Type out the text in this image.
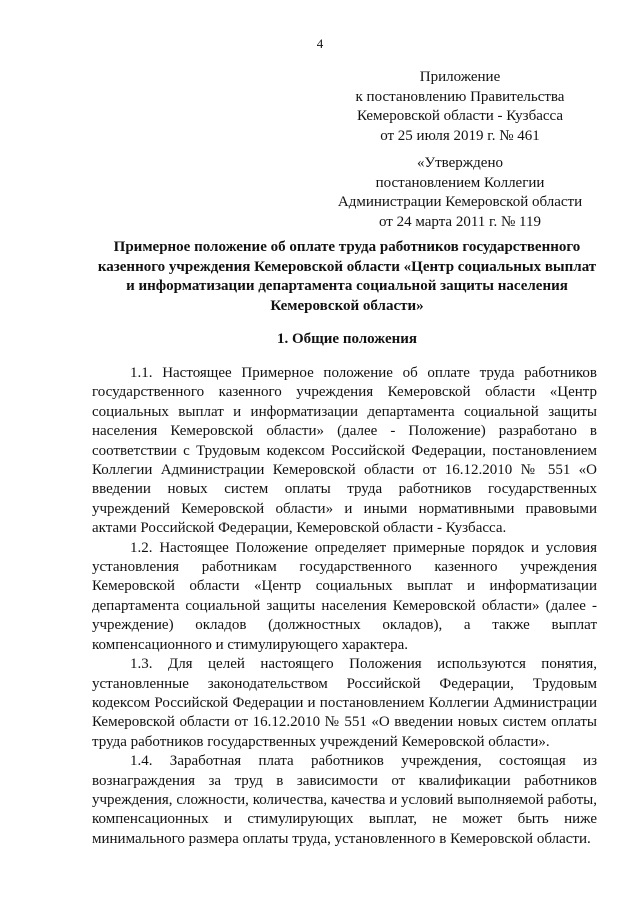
4
Приложение
к постановлению Правительства
Кемеровской области - Кузбасса
от 25 июля 2019 г. № 461
«Утверждено
постановлением Коллегии
Администрации Кемеровской области
от 24 марта 2011 г. № 119
Примерное положение об оплате труда работников государственного
казенного учреждения Кемеровской области «Центр социальных выплат
и информатизации департамента социальной защиты населения
Кемеровской области»
1. Общие положения

1.1. Настоящее Примерное положение об оплате труда работников государственного казенного учреждения Кемеровской области «Центр социальных выплат и информатизации департамента социальной защиты населения Кемеровской области» (далее - Положение) разработано в соответствии с Трудовым кодексом Российской Федерации, постановлением Коллегии Администрации Кемеровской области от 16.12.2010 № 551 «О введении новых систем оплаты труда работников государственных учреждений Кемеровской области» и иными нормативными правовыми актами Российской Федерации, Кемеровской области - Кузбасса.

1.2. Настоящее Положение определяет примерные порядок и условия установления работникам государственного казенного учреждения Кемеровской области «Центр социальных выплат и информатизации департамента социальной защиты населения Кемеровской области» (далее - учреждение) окладов (должностных окладов), а также выплат компенсационного и стимулирующего характера.

1.3. Для целей настоящего Положения используются понятия, установленные законодательством Российской Федерации, Трудовым кодексом Российской Федерации и постановлением Коллегии Администрации Кемеровской области от 16.12.2010 № 551 «О введении новых систем оплаты труда работников государственных учреждений Кемеровской области».

1.4. Заработная плата работников учреждения, состоящая из вознаграждения за труд в зависимости от квалификации работников учреждения, сложности, количества, качества и условий выполняемой работы, компенсационных и стимулирующих выплат, не может быть ниже минимального размера оплаты труда, установленного в Кемеровской области.
